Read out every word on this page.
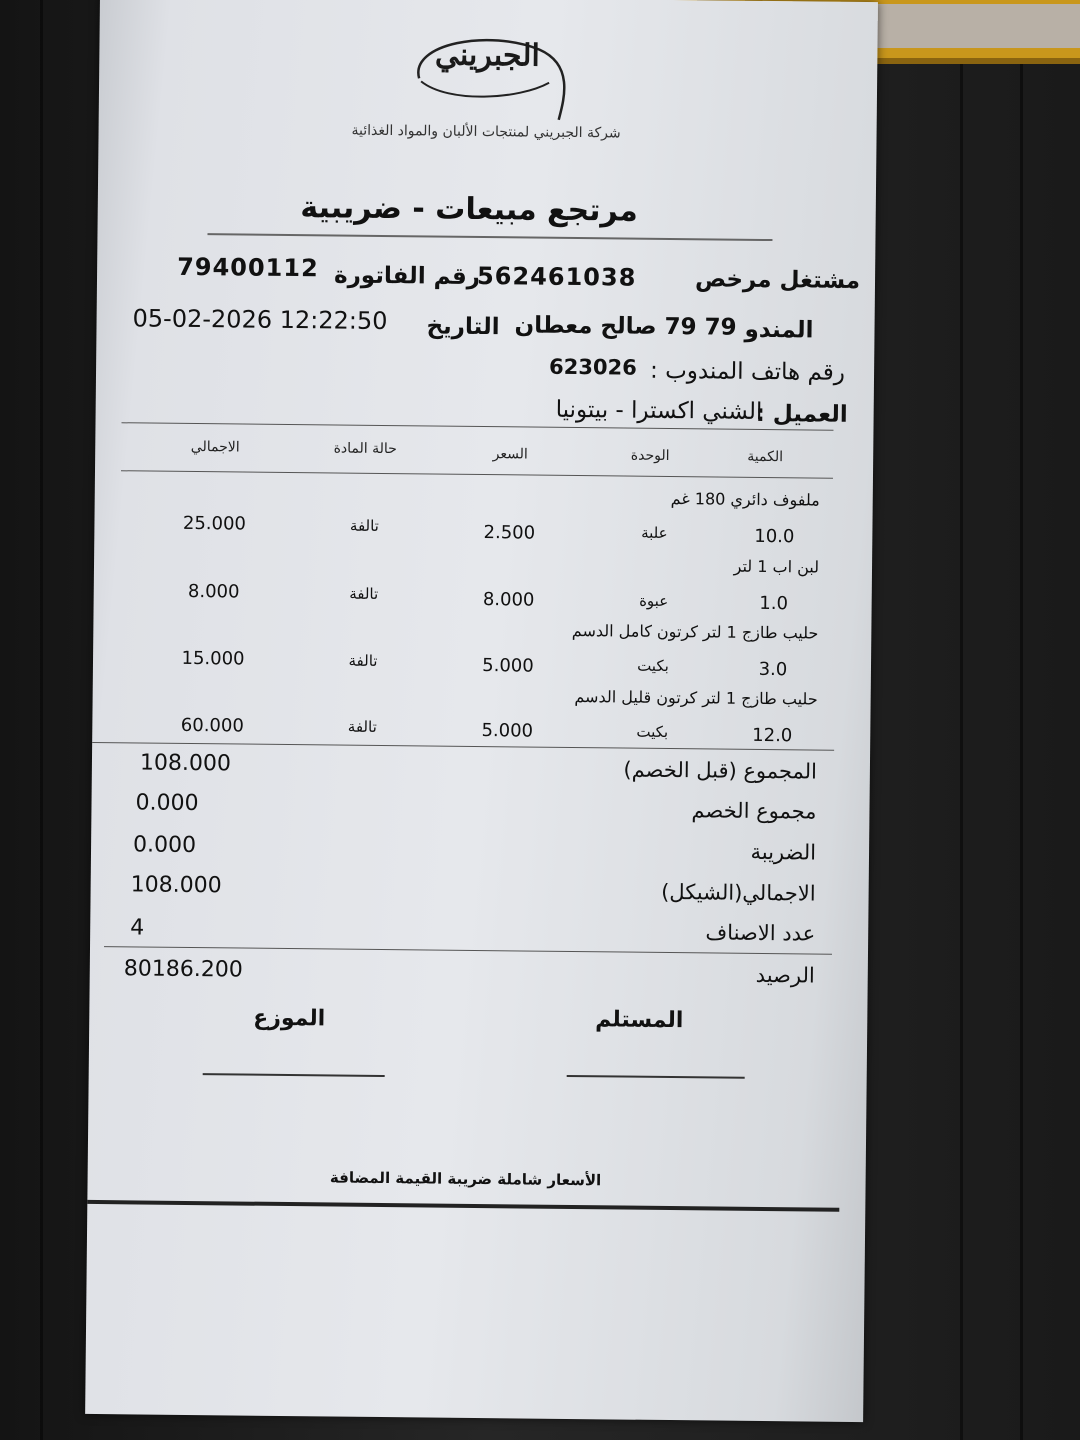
الجبريني
شركة الجبريني لمنتجات الألبان والمواد الغذائية
مرتجع مبيعات - ضريبية
مشتغل مرخص
562461038
رقم الفاتورة
79400112
المندو
79 79 صالح معطان
التاريخ
05-02-2026 12:22:50
رقم هاتف المندوب :
623026
العميل :
الشني اكسترا - بيتونيا
الكمية
الوحدة
السعر
حالة المادة
الاجمالي
ملفوف دائري 180 غم
10.0
علبة
2.500
تالفة
25.000
لبن اب 1 لتر
1.0
عبوة
8.000
تالفة
8.000
حليب طازج 1 لتر كرتون كامل الدسم
3.0
بكيت
5.000
تالفة
15.000
حليب طازج 1 لتر كرتون قليل الدسم
12.0
بكيت
5.000
تالفة
60.000
المجموع (قبل الخصم)
108.000
مجموع الخصم
0.000
الضريبة
0.000
الاجمالي(الشيكل)
108.000
عدد الاصناف
4
الرصيد
80186.200
المستلم
الموزع
الأسعار شاملة ضريبة القيمة المضافة
